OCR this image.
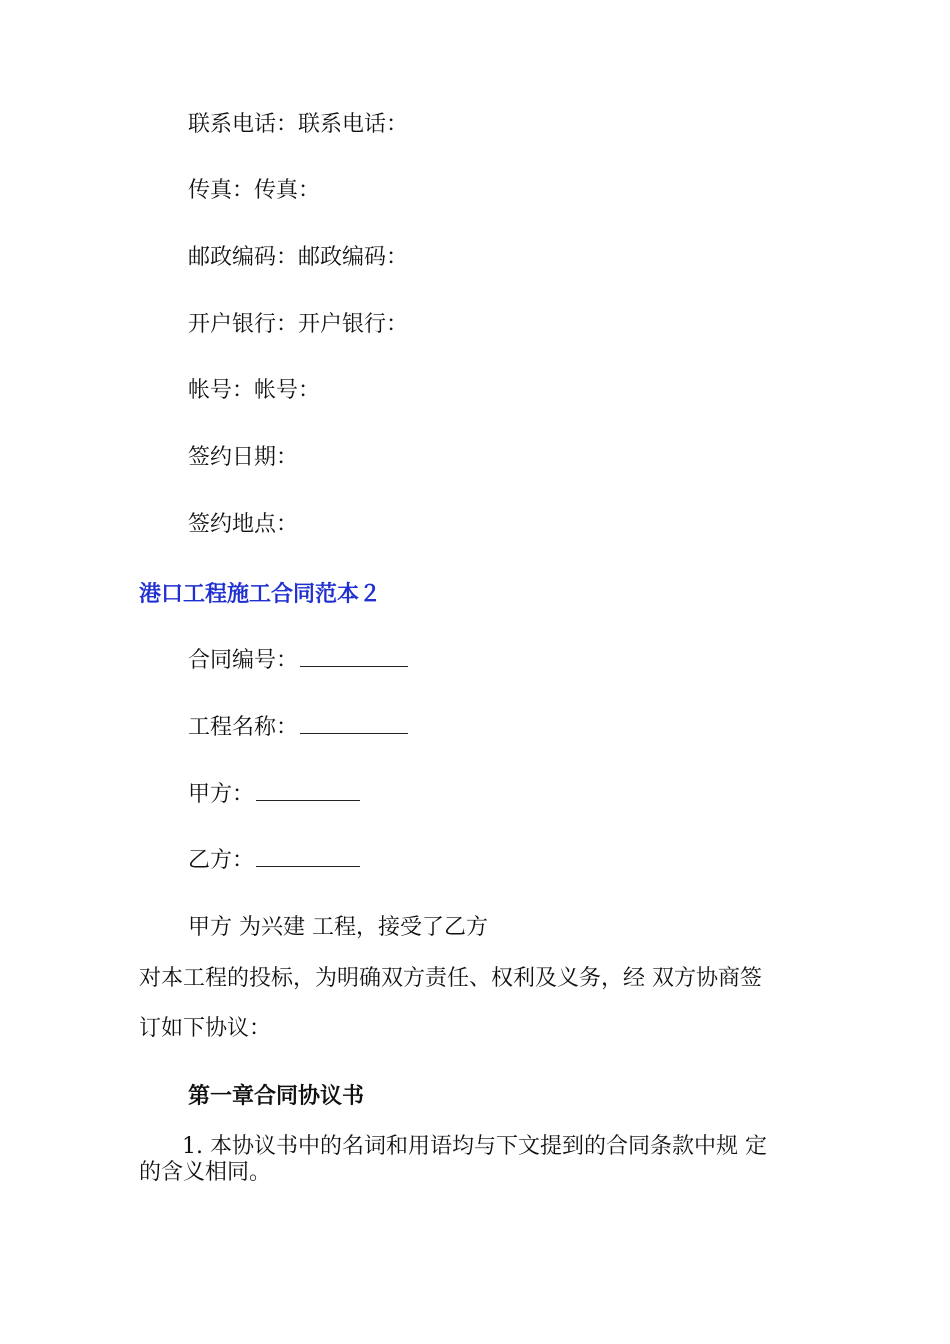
联系电话：联系电话：
传真：传真：
邮政编码：邮政编码：
开户银行：开户银行：
帐号：帐号：
签约日期：
签约地点：
港口工程施工合同范本２
合同编号：
工程名称：
甲方：
乙方：
甲方 为兴建 工程，接受了乙方
对本工程的投标，为明确双方责任、权利及义务，经 双方协商签
订如下协议：
第一章合同协议书
1. 本协议书中的名词和用语均与下文提到的合同条款中规 定
的含义相同。
